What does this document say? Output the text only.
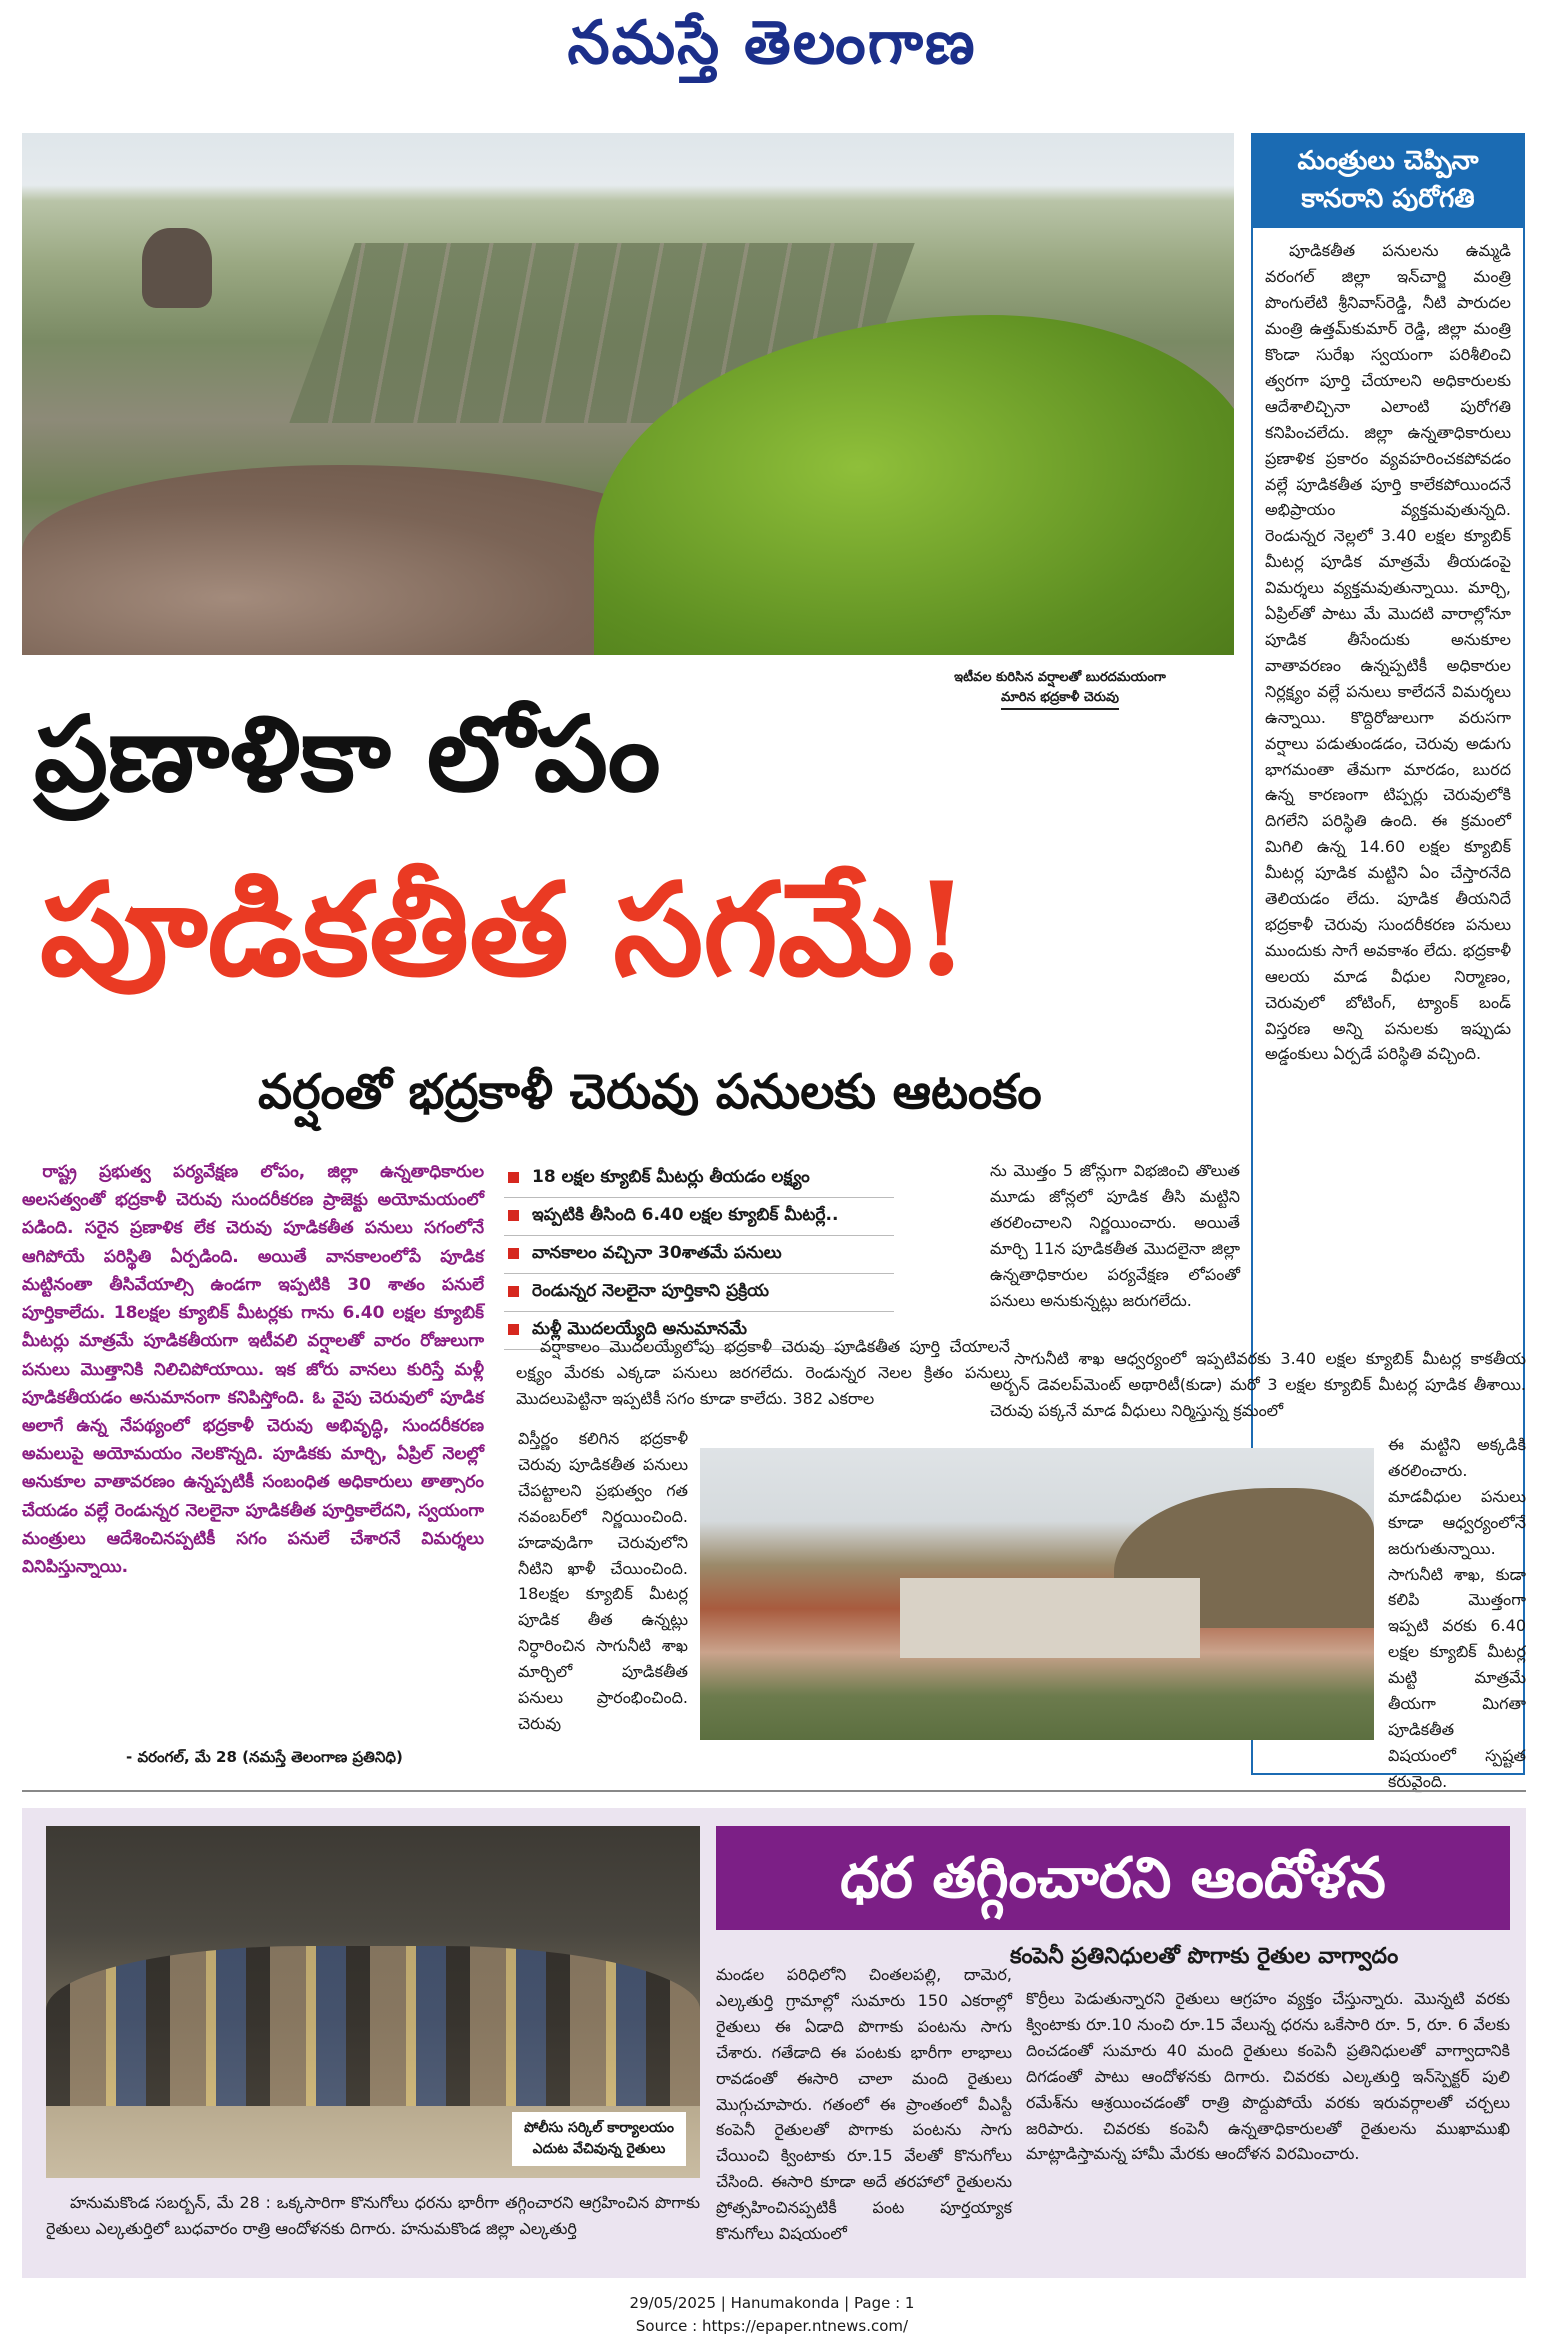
నమస్తే తెలంగాణ
ఇటీవల కురిసిన వర్షాలతో బురదమయంగా
మారిన భద్రకాళీ చెరువు
ప్రణాళికా లోపం
పూడికతీత సగమే!
వర్షంతో భద్రకాళీ చెరువు పనులకు ఆటంకం
మంత్రులు చెప్పినా
కానరాని పురోగతి
పూడికతీత పనులను ఉమ్మడి వరంగల్ జిల్లా ఇన్‌చార్జి మంత్రి పొంగులేటి శ్రీనివాస్‌రెడ్డి, నీటి పారుదల మంత్రి ఉత్తమ్‌కుమార్ రెడ్డి, జిల్లా మంత్రి కొండా సురేఖ స్వయంగా పరిశీలించి త్వరగా పూర్తి చేయాలని అధికారులకు ఆదేశాలిచ్చినా ఎలాంటి పురోగతి కనిపించలేదు. జిల్లా ఉన్నతాధికారులు ప్రణాళిక ప్రకారం వ్యవహరించకపోవడం వల్లే పూడికతీత పూర్తి కాలేకపోయిందనే అభిప్రాయం వ్యక్తమవుతున్నది. రెండున్నర నెల్లలో 3.40 లక్షల క్యూబిక్ మీటర్ల పూడిక మాత్రమే తీయడంపై విమర్శలు వ్యక్తమవుతున్నాయి. మార్చి, ఏప్రిల్‌తో పాటు మే మొదటి వారాల్లోనూ పూడిక తీసేందుకు అనుకూల వాతావరణం ఉన్నప్పటికీ అధికారుల నిర్లక్ష్యం వల్లే పనులు కాలేదనే విమర్శలు ఉన్నాయి. కొద్దిరోజులుగా వరుసగా వర్షాలు పడుతుండడం, చెరువు అడుగు భాగమంతా తేమగా మారడం, బురద ఉన్న కారణంగా టిప్పర్లు చెరువులోకి దిగలేని పరిస్థితి ఉంది. ఈ క్రమంలో మిగిలి ఉన్న 14.60 లక్షల క్యూబిక్ మీటర్ల పూడిక మట్టిని ఏం చేస్తారనేది తెలియడం లేదు. పూడిక తీయనిదే భద్రకాళీ చెరువు సుందరీకరణ పనులు ముందుకు సాగే అవకాశం లేదు. భద్రకాళీ ఆలయ మాడ వీధుల నిర్మాణం, చెరువులో బోటింగ్, ట్యాంక్ బండ్ విస్తరణ అన్ని పనులకు ఇప్పుడు అడ్డంకులు ఏర్పడే పరిస్థితి వచ్చింది.
రాష్ట్ర ప్రభుత్వ పర్యవేక్షణ లోపం, జిల్లా ఉన్నతాధికారుల అలసత్వంతో భద్రకాళీ చెరువు సుందరీకరణ ప్రాజెక్టు అయోమయంలో పడింది. సరైన ప్రణాళిక లేక చెరువు పూడికతీత పనులు సగంలోనే ఆగిపోయే పరిస్థితి ఏర్పడింది. అయితే వానకాలంలోపే పూడిక మట్టినంతా తీసివేయాల్సి ఉండగా ఇప్పటికి 30 శాతం పనులే పూర్తికాలేదు. 18లక్షల క్యూబిక్ మీటర్లకు గాను 6.40 లక్షల క్యూబిక్ మీటర్లు మాత్రమే పూడికతీయగా ఇటీవలి వర్షాలతో వారం రోజులుగా పనులు మొత్తానికి నిలిచిపోయాయి. ఇక జోరు వానలు కురిస్తే మళ్లీ పూడికతీయడం అనుమానంగా కనిపిస్తోంది. ఓ వైపు చెరువులో పూడిక అలాగే ఉన్న నేపథ్యంలో భద్రకాళీ చెరువు అభివృద్ధి, సుందరీకరణ అమలుపై అయోమయం నెలకొన్నది. పూడికకు మార్చి, ఏప్రిల్ నెలల్లో అనుకూల వాతావరణం ఉన్నప్పటికీ సంబంధిత అధికారులు తాత్సారం చేయడం వల్లే రెండున్నర నెలలైనా పూడికతీత పూర్తికాలేదని, స్వయంగా మంత్రులు ఆదేశించినప్పటికీ సగం పనులే చేశారనే విమర్శలు వినిపిస్తున్నాయి.
- వరంగల్, మే 28 (నమస్తే తెలంగాణ ప్రతినిధి)
18 లక్షల క్యూబిక్ మీటర్లు తీయడం లక్ష్యం
ఇప్పటికి తీసింది 6.40 లక్షల క్యూబిక్ మీటర్లే..
వానకాలం వచ్చినా 30శాతమే పనులు
రెండున్నర నెలలైనా పూర్తికాని ప్రక్రియ
మళ్లీ మొదలయ్యేది అనుమానమే
వర్షాకాలం మొదలయ్యేలోపు భద్రకాళీ చెరువు పూడికతీత పూర్తి చేయాలనే లక్ష్యం మేరకు ఎక్కడా పనులు జరగలేదు. రెండున్నర నెలల క్రితం పనులు మొదలుపెట్టినా ఇప్పటికీ సగం కూడా కాలేదు. 382 ఎకరాల
విస్తీర్ణం కలిగిన భద్రకాళీ చెరువు పూడికతీత పనులు చేపట్టాలని ప్రభుత్వం గత నవంబర్‌లో నిర్ణయించింది. హడావుడిగా చెరువులోని నీటిని ఖాళీ చేయించింది. 18లక్షల క్యూబిక్ మీటర్ల పూడిక తీత ఉన్నట్లు నిర్ధారించిన సాగునీటి శాఖ మార్చిలో పూడికతీత పనులు ప్రారంభించింది. చెరువు
ను మొత్తం 5 జోన్లుగా విభజించి తొలుత మూడు జోన్లలో పూడిక తీసి మట్టిని తరలించాలని నిర్ణయించారు. అయితే మార్చి 11న పూడికతీత మొదలైనా జిల్లా ఉన్నతాధికారుల పర్యవేక్షణ లోపంతో పనులు అనుకున్నట్లు జరుగలేదు.
సాగునీటి శాఖ ఆధ్వర్యంలో ఇప్పటివరకు 3.40 లక్షల క్యూబిక్ మీటర్ల కాకతీయ అర్బన్ డెవలప్‌మెంట్ అథారిటీ(కుడా) మరో 3 లక్షల క్యూబిక్ మీటర్ల పూడిక తీశాయి. చెరువు పక్కనే మాడ వీధులు నిర్మిస్తున్న క్రమంలో
ఈ మట్టిని అక్కడికి తరలించారు. మాడవీధుల పనులు కూడా ఆధ్వర్యంలోనే జరుగుతున్నాయి. సాగునీటి శాఖ, కుడా కలిపి మొత్తంగా ఇప్పటి వరకు 6.40 లక్షల క్యూబిక్ మీటర్ల మట్టి మాత్రమే తీయగా మిగతా పూడికతీత విషయంలో స్పష్టత కరువైంది.
పోలీసు సర్కిల్ కార్యాలయం
ఎదుట వేచివున్న రైతులు
ధర తగ్గించారని ఆందోళన
కంపెనీ ప్రతినిధులతో పొగాకు రైతుల వాగ్వాదం
మండల పరిధిలోని చింతలపల్లి, దామెర, ఎల్కతుర్తి గ్రామాల్లో సుమారు 150 ఎకరాల్లో రైతులు ఈ ఏడాది పొగాకు పంటను సాగు చేశారు. గతేడాది ఈ పంటకు భారీగా లాభాలు రావడంతో ఈసారి చాలా మంది రైతులు మొగ్గుచూపారు. గతంలో ఈ ప్రాంతంలో వీఎస్టీ కంపెనీ రైతులతో పొగాకు పంటను సాగు చేయించి క్వింటాకు రూ.15 వేలతో కొనుగోలు చేసింది. ఈసారి కూడా అదే తరహాలో రైతులను ప్రోత్సహించినప్పటికీ పంట పూర్తయ్యాక కొనుగోలు విషయంలో
కొర్రీలు పెడుతున్నారని రైతులు ఆగ్రహం వ్యక్తం చేస్తున్నారు. మొన్నటి వరకు క్వింటాకు రూ.10 నుంచి రూ.15 వేలున్న ధరను ఒకేసారి రూ. 5, రూ. 6 వేలకు దించడంతో సుమారు 40 మంది రైతులు కంపెనీ ప్రతినిధులతో వాగ్వాదానికి దిగడంతో పాటు ఆందోళనకు దిగారు. చివరకు ఎల్కతుర్తి ఇన్‌స్పెక్టర్ పులి రమేశ్‌ను ఆశ్రయించడంతో రాత్రి పొద్దుపోయే వరకు ఇరువర్గాలతో చర్చలు జరిపారు. చివరకు కంపెనీ ఉన్నతాధికారులతో రైతులను ముఖాముఖి మాట్లాడిస్తామన్న హామీ మేరకు ఆందోళన విరమించారు.
హనుమకొండ సబర్బన్, మే 28 : ఒక్కసారిగా కొనుగోలు ధరను భారీగా తగ్గించారని ఆగ్రహించిన పొగాకు రైతులు ఎల్కతుర్తిలో బుధవారం రాత్రి ఆందోళనకు దిగారు. హనుమకొండ జిల్లా ఎల్కతుర్తి
29/05/2025 | Hanumakonda | Page : 1
Source : https://epaper.ntnews.com/
